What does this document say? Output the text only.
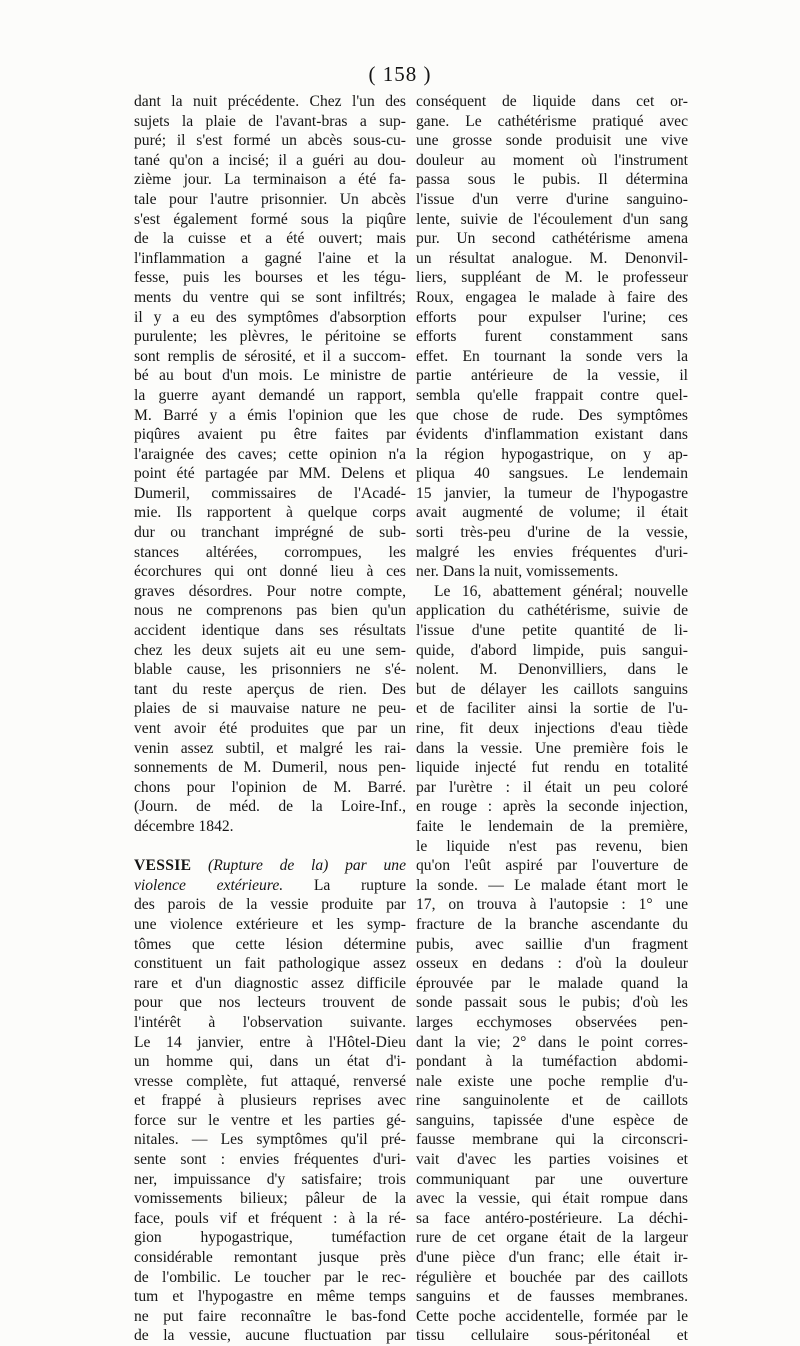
( 158 )
dant la nuit précédente. Chez l'un des
sujets la plaie de l'avant-bras a sup-
puré; il s'est formé un abcès sous-cu-
tané qu'on a incisé; il a guéri au dou-
zième jour. La terminaison a été fa-
tale pour l'autre prisonnier. Un abcès
s'est également formé sous la piqûre
de la cuisse et a été ouvert; mais
l'inflammation a gagné l'aine et la
fesse, puis les bourses et les tégu-
ments du ventre qui se sont infiltrés;
il y a eu des symptômes d'absorption
purulente; les plèvres, le péritoine se
sont remplis de sérosité, et il a succom-
bé au bout d'un mois. Le ministre de
la guerre ayant demandé un rapport,
M. Barré y a émis l'opinion que les
piqûres avaient pu être faites par
l'araignée des caves; cette opinion n'a
point été partagée par MM. Delens et
Dumeril, commissaires de l'Acadé-
mie. Ils rapportent à quelque corps
dur ou tranchant imprégné de sub-
stances altérées, corrompues, les
écorchures qui ont donné lieu à ces
graves désordres. Pour notre compte,
nous ne comprenons pas bien qu'un
accident identique dans ses résultats
chez les deux sujets ait eu une sem-
blable cause, les prisonniers ne s'é-
tant du reste aperçus de rien. Des
plaies de si mauvaise nature ne peu-
vent avoir été produites que par un
venin assez subtil, et malgré les rai-
sonnements de M. Dumeril, nous pen-
chons pour l'opinion de M. Barré.
(Journ. de méd. de la Loire-Inf.,
décembre 1842.
VESSIE (Rupture de la) par une
violence extérieure. La rupture
des parois de la vessie produite par
une violence extérieure et les symp-
tômes que cette lésion détermine
constituent un fait pathologique assez
rare et d'un diagnostic assez difficile
pour que nos lecteurs trouvent de
l'intérêt à l'observation suivante.
Le 14 janvier, entre à l'Hôtel-Dieu
un homme qui, dans un état d'i-
vresse complète, fut attaqué, renversé
et frappé à plusieurs reprises avec
force sur le ventre et les parties gé-
nitales. — Les symptômes qu'il pré-
sente sont : envies fréquentes d'uri-
ner, impuissance d'y satisfaire; trois
vomissements bilieux; pâleur de la
face, pouls vif et fréquent : à la ré-
gion hypogastrique, tuméfaction
considérable remontant jusque près
de l'ombilic. Le toucher par le rec-
tum et l'hypogastre en même temps
ne put faire reconnaître le bas-fond
de la vessie, aucune fluctuation par
conséquent de liquide dans cet or-
gane. Le cathétérisme pratiqué avec
une grosse sonde produisit une vive
douleur au moment où l'instrument
passa sous le pubis. Il détermina
l'issue d'un verre d'urine sanguino-
lente, suivie de l'écoulement d'un sang
pur. Un second cathétérisme amena
un résultat analogue. M. Denonvil-
liers, suppléant de M. le professeur
Roux, engagea le malade à faire des
efforts pour expulser l'urine; ces
efforts furent constamment sans
effet. En tournant la sonde vers la
partie antérieure de la vessie, il
sembla qu'elle frappait contre quel-
que chose de rude. Des symptômes
évidents d'inflammation existant dans
la région hypogastrique, on y ap-
pliqua 40 sangsues. Le lendemain
15 janvier, la tumeur de l'hypogastre
avait augmenté de volume; il était
sorti très-peu d'urine de la vessie,
malgré les envies fréquentes d'uri-
ner. Dans la nuit, vomissements.
Le 16, abattement général; nouvelle
application du cathétérisme, suivie de
l'issue d'une petite quantité de li-
quide, d'abord limpide, puis sangui-
nolent. M. Denonvilliers, dans le
but de délayer les caillots sanguins
et de faciliter ainsi la sortie de l'u-
rine, fit deux injections d'eau tiède
dans la vessie. Une première fois le
liquide injecté fut rendu en totalité
par l'urètre : il était un peu coloré
en rouge : après la seconde injection,
faite le lendemain de la première,
le liquide n'est pas revenu, bien
qu'on l'eût aspiré par l'ouverture de
la sonde. — Le malade étant mort le
17, on trouva à l'autopsie : 1° une
fracture de la branche ascendante du
pubis, avec saillie d'un fragment
osseux en dedans : d'où la douleur
éprouvée par le malade quand la
sonde passait sous le pubis; d'où les
larges ecchymoses observées pen-
dant la vie; 2° dans le point corres-
pondant à la tuméfaction abdomi-
nale existe une poche remplie d'u-
rine sanguinolente et de caillots
sanguins, tapissée d'une espèce de
fausse membrane qui la circonscri-
vait d'avec les parties voisines et
communiquant par une ouverture
avec la vessie, qui était rompue dans
sa face antéro-postérieure. La déchi-
rure de cet organe était de la largeur
d'une pièce d'un franc; elle était ir-
régulière et bouchée par des caillots
sanguins et de fausses membranes.
Cette poche accidentelle, formée par le
tissu cellulaire sous-péritonéal et
